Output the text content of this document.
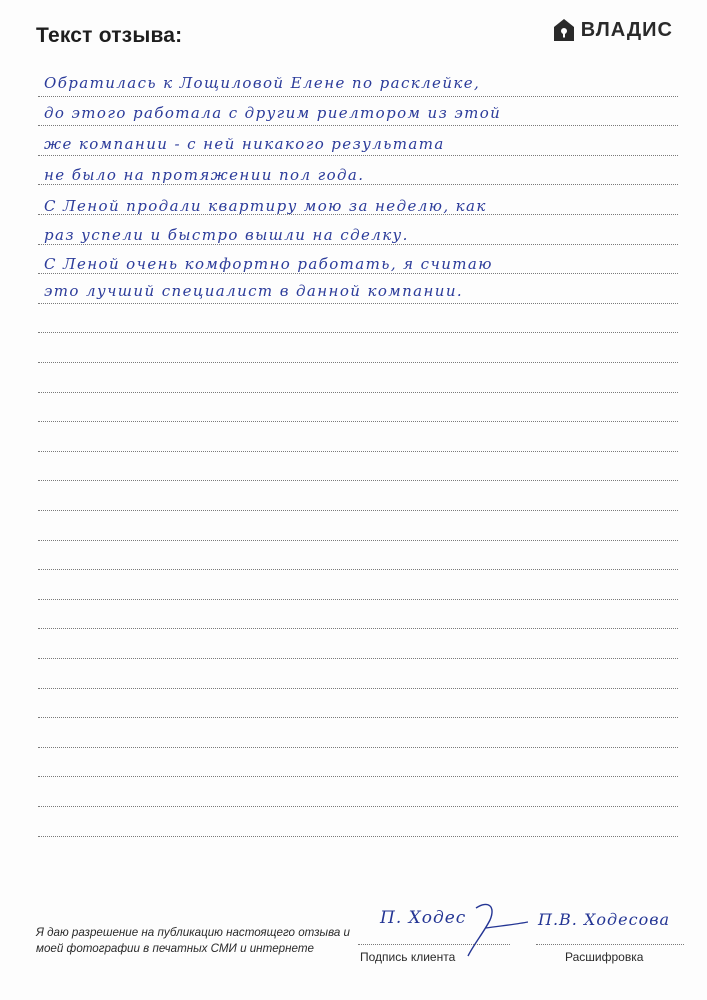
Текст отзыва:	ВЛАДИС
Обратилась к Лощиловой Елене по расклейке,
до этого работала с другим риелтором из этой
же компании - с ней никакого результата
не было на протяжении пол года.
С Леной продали квартиру мою за неделю, как
раз успели и быстро вышли на сделку.
С Леной очень комфортно работать, я считаю
это лучший специалист в данной компании.
Я даю разрешение на публикацию настоящего отзыва и моей фотографии в печатных СМИ и интернете
П. Ходес	П.В. Ходесова
Подпись клиента	Расшифровка
